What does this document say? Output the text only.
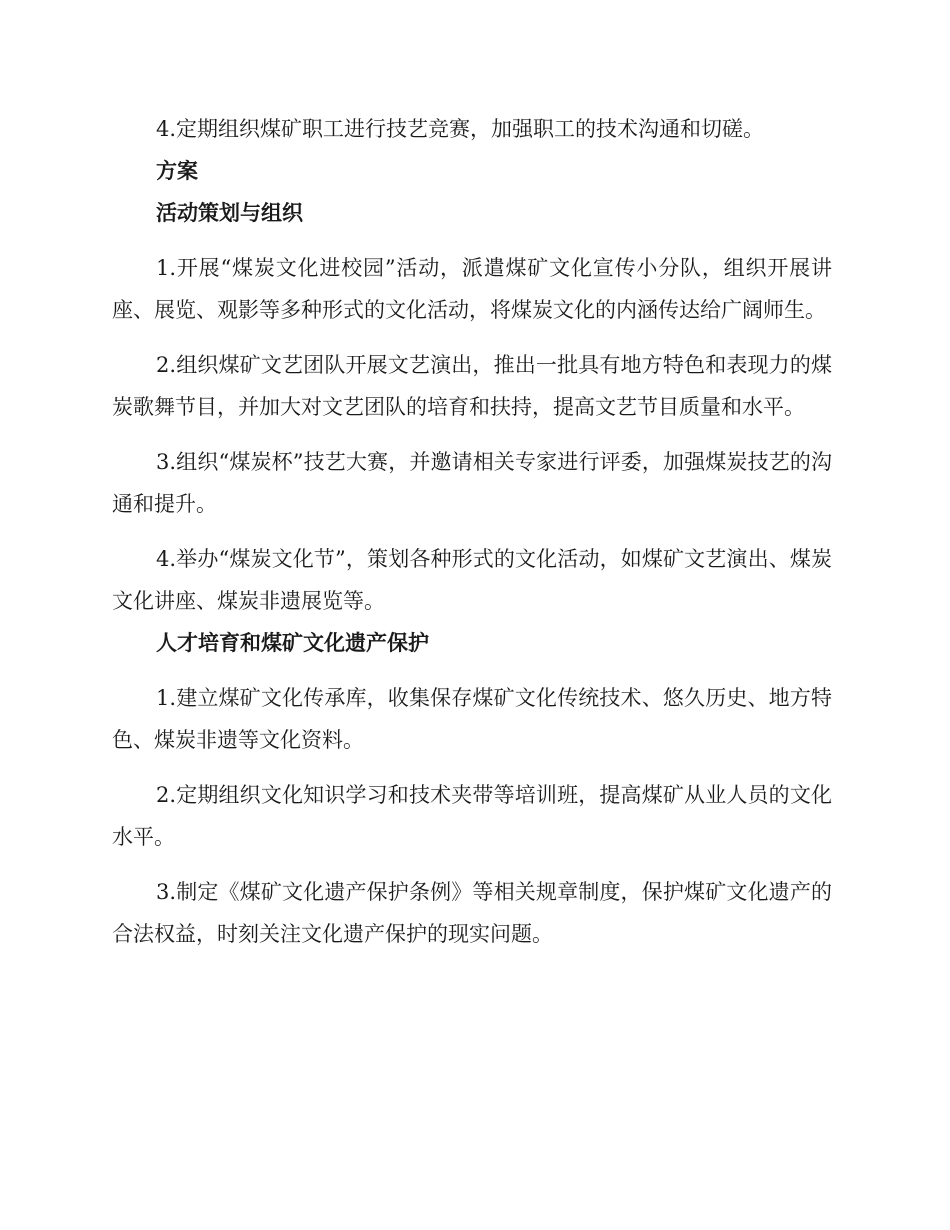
4.定期组织煤矿职工进行技艺竞赛，加强职工的技术沟通和切磋。

方案

活动策划与组织

1.开展“煤炭文化进校园”活动，派遣煤矿文化宣传小分队，组织开展讲座、展览、观影等多种形式的文化活动，将煤炭文化的内涵传达给广阔师生。

2.组织煤矿文艺团队开展文艺演出，推出一批具有地方特色和表现力的煤炭歌舞节目，并加大对文艺团队的培育和扶持，提高文艺节目质量和水平。

3.组织“煤炭杯”技艺大赛，并邀请相关专家进行评委，加强煤炭技艺的沟通和提升。

4.举办“煤炭文化节”，策划各种形式的文化活动，如煤矿文艺演出、煤炭文化讲座、煤炭非遗展览等。

人才培育和煤矿文化遗产保护

1.建立煤矿文化传承库，收集保存煤矿文化传统技术、悠久历史、地方特色、煤炭非遗等文化资料。

2.定期组织文化知识学习和技术夹带等培训班，提高煤矿从业人员的文化水平。

3.制定《煤矿文化遗产保护条例》等相关规章制度，保护煤矿文化遗产的合法权益，时刻关注文化遗产保护的现实问题。
